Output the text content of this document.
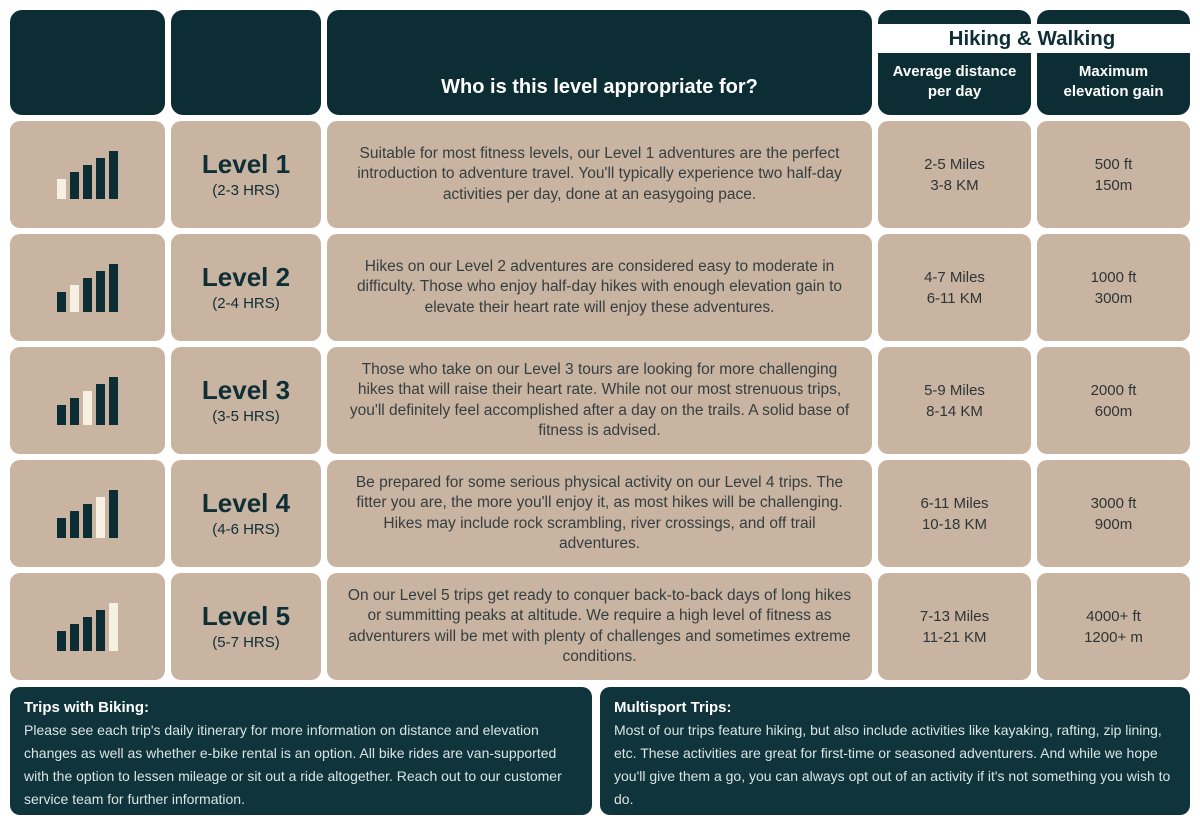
Who is this level appropriate for?
Average distance
per day
Maximum
elevation gain
Hiking & Walking
Level 1
(2-3 HRS)
Suitable for most fitness levels, our Level 1 adventures are the perfect introduction to adventure travel. You'll typically experience two half-day activities per day, done at an easygoing pace.
2-5 Miles
3-8 KM
500 ft
150m
Level 2
(2-4 HRS)
Hikes on our Level 2 adventures are considered easy to moderate in difficulty. Those who enjoy half-day hikes with enough elevation gain to elevate their heart rate will enjoy these adventures.
4-7 Miles
6-11 KM
1000 ft
300m
Level 3
(3-5 HRS)
Those who take on our Level 3 tours are looking for more challenging hikes that will raise their heart rate. While not our most strenuous trips, you'll definitely feel accomplished after a day on the trails. A solid base of fitness is advised.
5-9 Miles
8-14 KM
2000 ft
600m
Level 4
(4-6 HRS)
Be prepared for some serious physical activity on our Level 4 trips. The fitter you are, the more you'll enjoy it, as most hikes will be challenging. Hikes may include rock scrambling, river crossings, and off trail adventures.
6-11 Miles
10-18 KM
3000 ft
900m
Level 5
(5-7 HRS)
On our Level 5 trips get ready to conquer back-to-back days of long hikes or summitting peaks at altitude. We require a high level of fitness as adventurers will be met with plenty of challenges and sometimes extreme conditions.
7-13 Miles
11-21 KM
4000+ ft
1200+ m
Trips with Biking:
Please see each trip's daily itinerary for more information on distance and elevation changes as well as whether e-bike rental is an option. All bike rides are van-supported with the option to lessen mileage or sit out a ride altogether. Reach out to our customer service team for further information.
Multisport Trips:
Most of our trips feature hiking, but also include activities like kayaking, rafting, zip lining, etc. These activities are great for first-time or seasoned adventurers. And while we hope you'll give them a go, you can always opt out of an activity if it's not something you wish to do.
